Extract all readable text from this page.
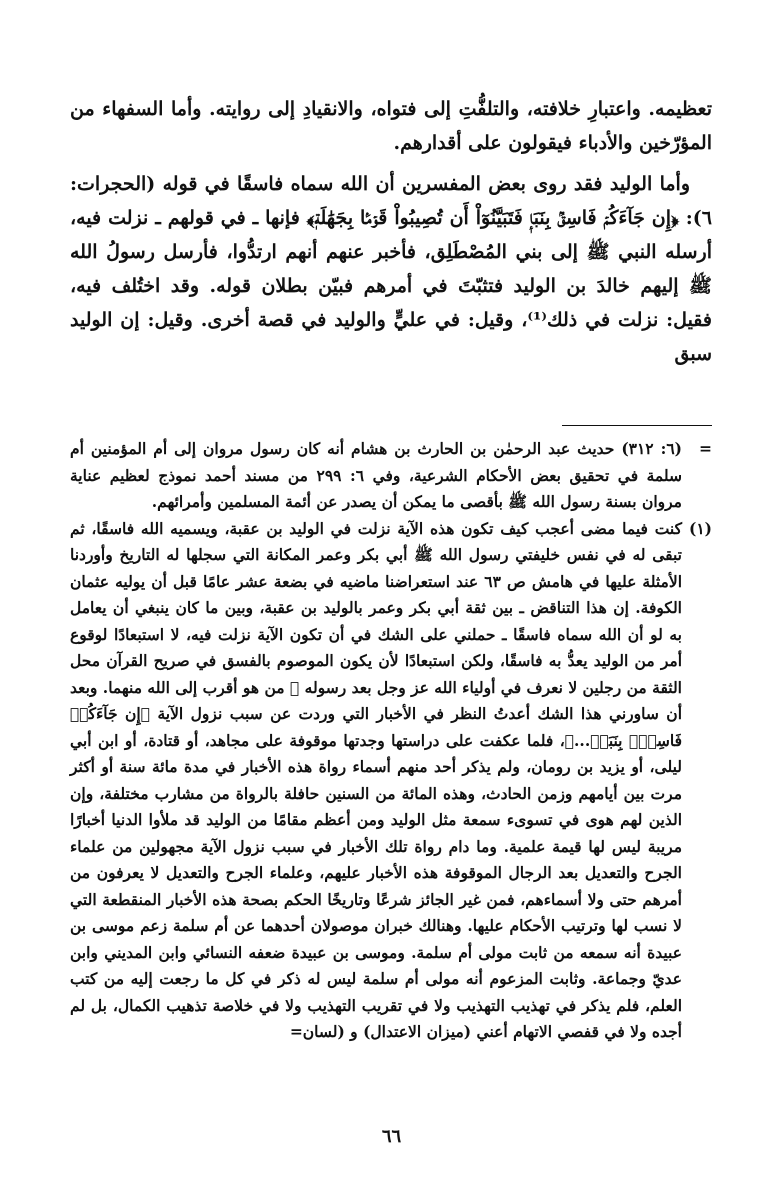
تعظيمه. واعتبارِ خلافته، والتلفُّتِ إلى فتواه، والانقيادِ إلى روايته. وأما السفهاء من المؤرّخين والأدباء فيقولون على أقدارهم.

وأما الوليد فقد روى بعض المفسرين أن الله سماه فاسقًا في قوله (الحجرات: ٦): ﴿إِن جَآءَكُمۡ فَاسِقُۢ بِنَبَإٖ فَتَبَيَّنُوٓاْ أَن تُصِيبُواْ قَوۡمَۢا بِجَهَٰلَةٖ﴾ فإنها ـ في قولهم ـ نزلت فيه، أرسله النبي ﷺ إلى بني المُصْطَلِق، فأخبر عنهم أنهم ارتدُّوا، فأرسل رسولُ الله ﷺ إليهم خالدَ بن الوليد فتثبّتَ في أمرهم فبيّن بطلان قوله. وقد اختُلف فيه، فقيل: نزلت في ذلك⁽¹⁾، وقيل: في عليٍّ والوليد في قصة أخرى. وقيل: إن الوليد سبق

=
(٦: ٣١٢) حديث عبد الرحمٰن بن الحارث بن هشام أنه كان رسول مروان إلى أم المؤمنين أم سلمة في تحقيق بعض الأحكام الشرعية، وفي ٦: ٢٩٩ من مسند أحمد نموذج لعظيم عناية مروان بسنة رسول الله ﷺ بأقصى ما يمكن أن يصدر عن أئمة المسلمين وأمرائهم.
(١)
كنت فيما مضى أعجب كيف تكون هذه الآية نزلت في الوليد بن عقبة، ويسميه الله فاسقًا، ثم تبقى له في نفس خليفتي رسول الله ﷺ أبي بكر وعمر المكانة التي سجلها له التاريخ وأوردنا الأمثلة عليها في هامش ص ٦٣ عند استعراضنا ماضيه في بضعة عشر عامًا قبل أن يوليه عثمان الكوفة. إن هذا التناقض ـ بين ثقة أبي بكر وعمر بالوليد بن عقبة، وبين ما كان ينبغي أن يعامل به لو أن الله سماه فاسقًا ـ حملني على الشك في أن تكون الآية نزلت فيه، لا استبعادًا لوقوع أمر من الوليد يعدُّ به فاسقًا، ولكن استبعادًا لأن يكون الموصوم بالفسق في صريح القرآن محل الثقة من رجلين لا نعرف في أولياء الله عز وجل بعد رسوله ﷺ من هو أقرب إلى الله منهما. وبعد أن ساورني هذا الشك أعدتُ النظر في الأخبار التي وردت عن سبب نزول الآية ﴿إِن جَآءَكُمۡ فَاسِقُۢ بِنَبَإٖ...﴾، فلما عكفت على دراستها وجدتها موقوفة على مجاهد، أو قتادة، أو ابن أبي ليلى، أو يزيد بن رومان، ولم يذكر أحد منهم أسماء رواة هذه الأخبار في مدة مائة سنة أو أكثر مرت بين أيامهم وزمن الحادث، وهذه المائة من السنين حافلة بالرواة من مشارب مختلفة، وإن الذين لهم هوى في تسوىء سمعة مثل الوليد ومن أعظم مقامًا من الوليد قد ملأوا الدنيا أخبارًا مريبة ليس لها قيمة علمية. وما دام رواة تلك الأخبار في سبب نزول الآية مجهولين من علماء الجرح والتعديل بعد الرجال الموقوفة هذه الأخبار عليهم، وعلماء الجرح والتعديل لا يعرفون من أمرهم حتى ولا أسماءهم، فمن غير الجائز شرعًا وتاريخًا الحكم بصحة هذه الأخبار المنقطعة التي لا نسب لها وترتيب الأحكام عليها. وهنالك خبران موصولان أحدهما عن أم سلمة زعم موسى بن عبيدة أنه سمعه من ثابت مولى أم سلمة. وموسى بن عبيدة ضعفه النسائي وابن المديني وابن عديّ وجماعة. وثابت المزعوم أنه مولى أم سلمة ليس له ذكر في كل ما رجعت إليه من كتب العلم، فلم يذكر في تهذيب التهذيب ولا في تقريب التهذيب ولا في خلاصة تذهيب الكمال، بل لم أجده ولا في قفصي الاتهام أعني (ميزان الاعتدال) و (لسان=
٦٦
